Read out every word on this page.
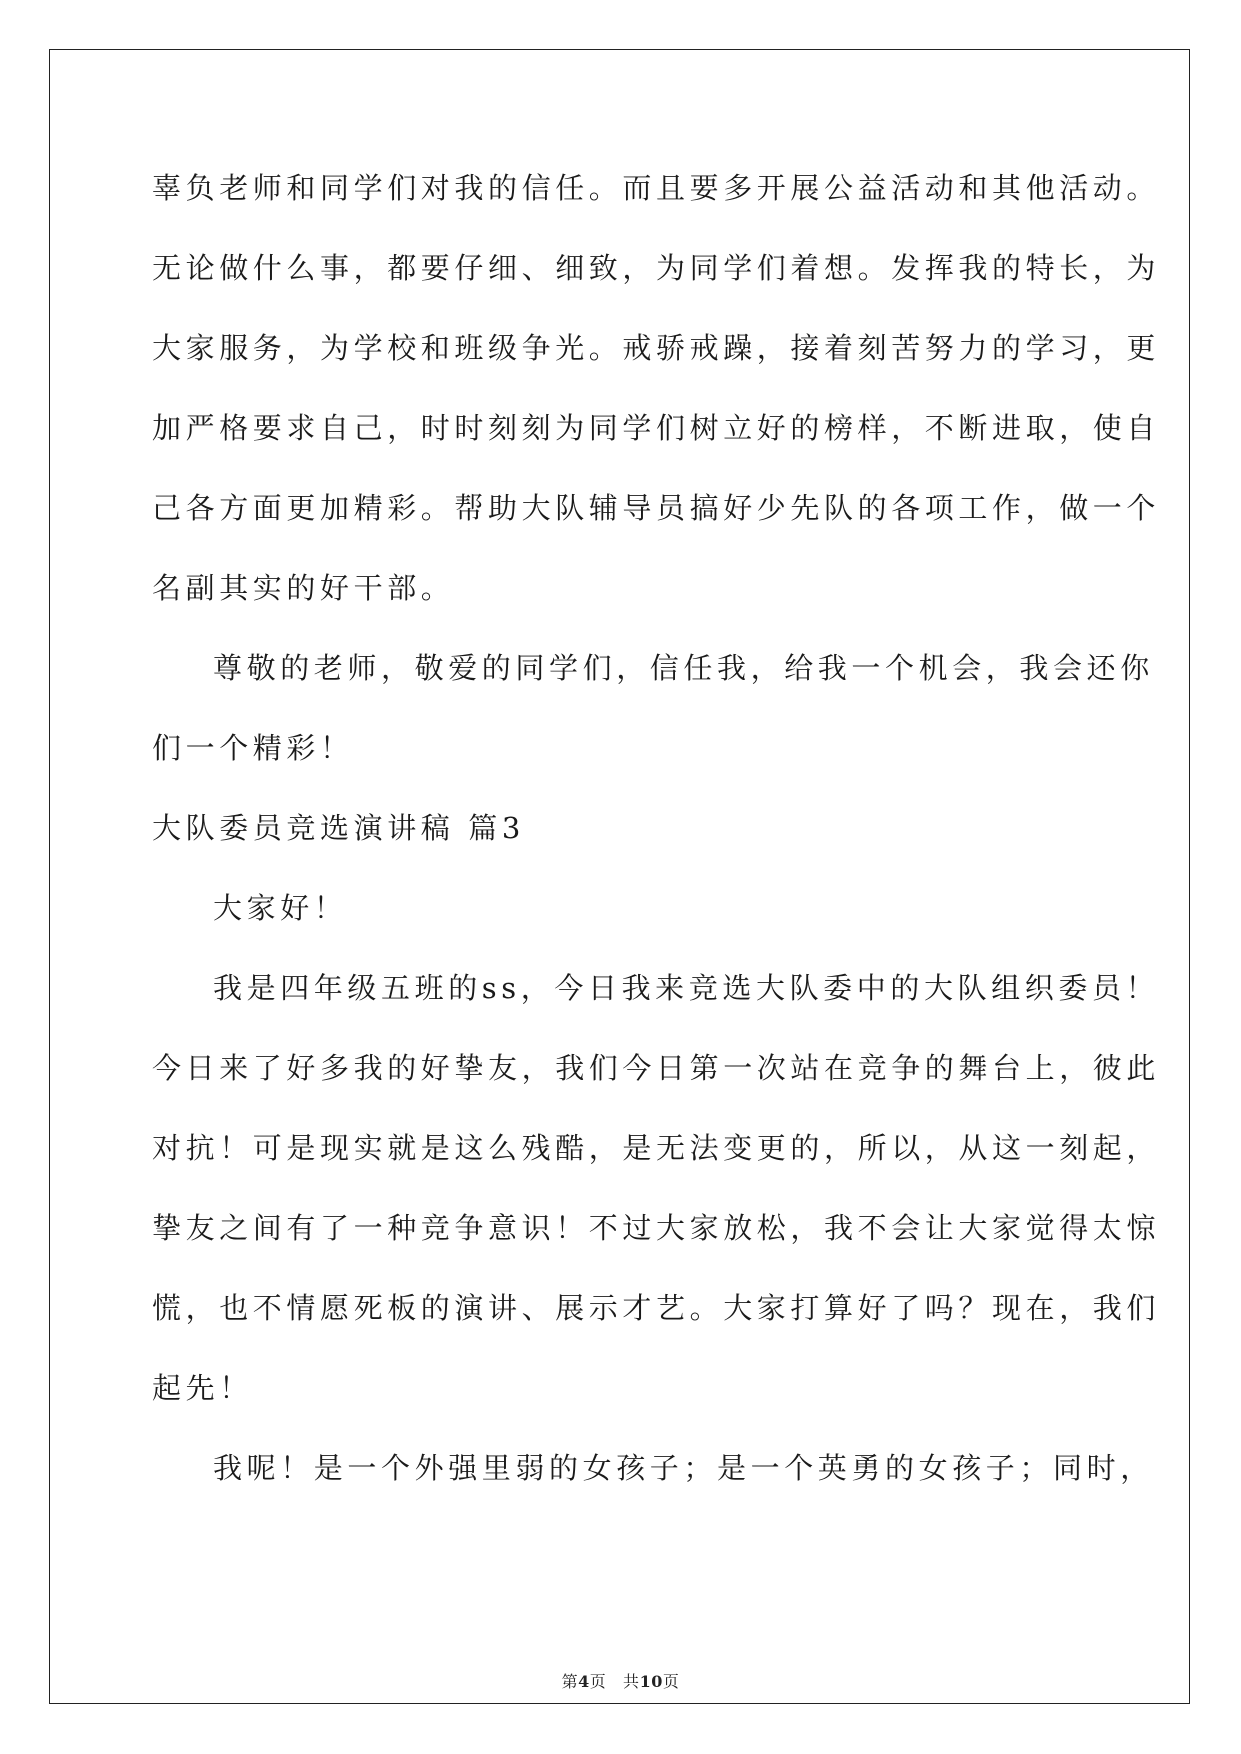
辜负老师和同学们对我的信任。而且要多开展公益活动和其他活动。
无论做什么事，都要仔细、细致，为同学们着想。发挥我的特长，为
大家服务，为学校和班级争光。戒骄戒躁，接着刻苦努力的学习，更
加严格要求自己，时时刻刻为同学们树立好的榜样，不断进取，使自
己各方面更加精彩。帮助大队辅导员搞好少先队的各项工作，做一个
名副其实的好干部。
尊敬的老师，敬爱的同学们，信任我，给我一个机会，我会还你
们一个精彩！
大队委员竞选演讲稿 篇3
大家好！
我是四年级五班的ss，今日我来竞选大队委中的大队组织委员！
今日来了好多我的好挚友，我们今日第一次站在竞争的舞台上，彼此
对抗！可是现实就是这么残酷，是无法变更的，所以，从这一刻起，
挚友之间有了一种竞争意识！不过大家放松，我不会让大家觉得太惊
慌，也不情愿死板的演讲、展示才艺。大家打算好了吗？现在，我们
起先！
我呢！是一个外强里弱的女孩子；是一个英勇的女孩子；同时，
第4页   共10页
